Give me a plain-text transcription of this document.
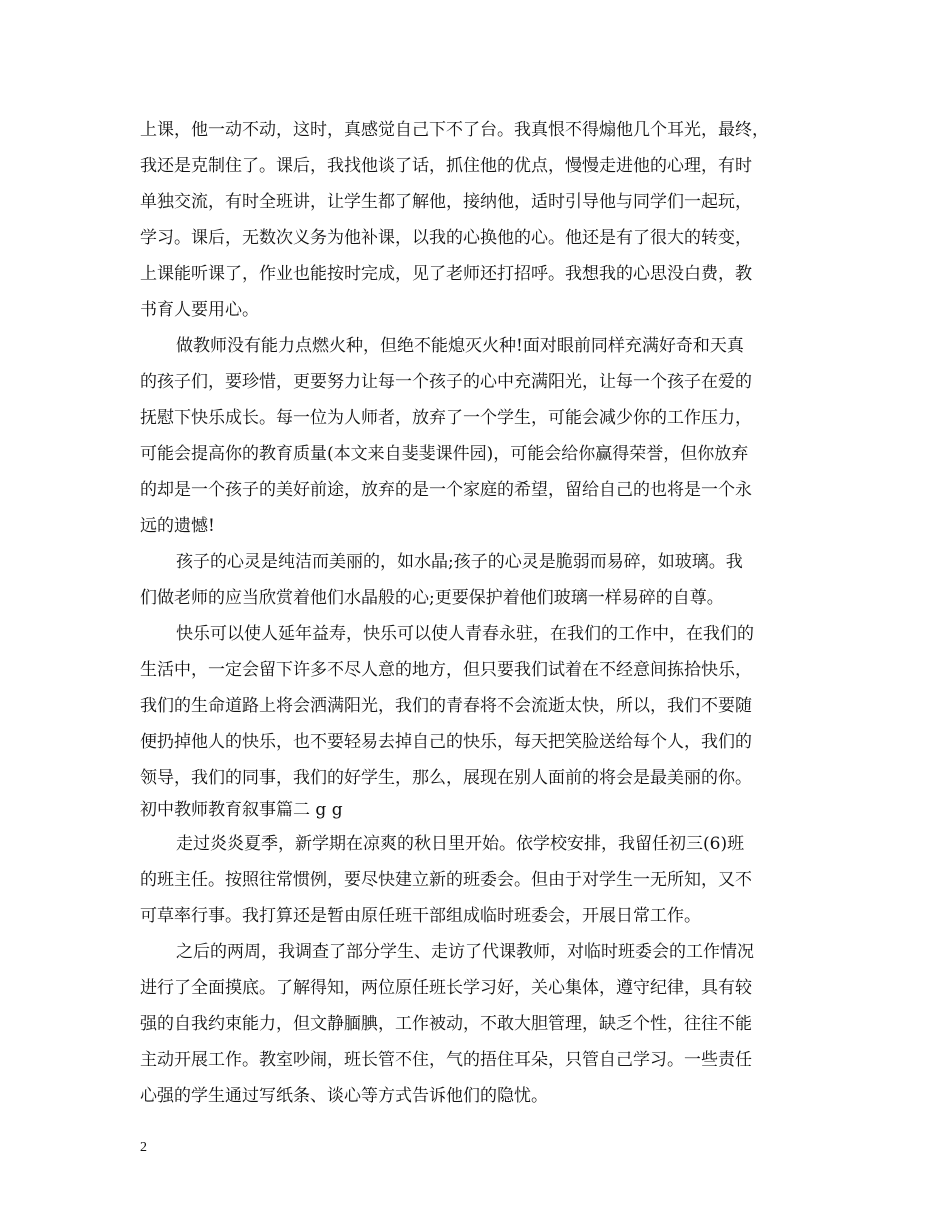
上课，他一动不动，这时，真感觉自己下不了台。我真恨不得煽他几个耳光，最终，
我还是克制住了。课后，我找他谈了话，抓住他的优点，慢慢走进他的心理，有时
单独交流，有时全班讲，让学生都了解他，接纳他，适时引导他与同学们一起玩，
学习。课后，无数次义务为他补课，以我的心换他的心。他还是有了很大的转变，
上课能听课了，作业也能按时完成，见了老师还打招呼。我想我的心思没白费，教
书育人要用心。
做教师没有能力点燃火种，但绝不能熄灭火种!面对眼前同样充满好奇和天真
的孩子们，要珍惜，更要努力让每一个孩子的心中充满阳光，让每一个孩子在爱的
抚慰下快乐成长。每一位为人师者，放弃了一个学生，可能会减少你的工作压力，
可能会提高你的教育质量(本文来自斐斐课件园)，可能会给你赢得荣誉，但你放弃
的却是一个孩子的美好前途，放弃的是一个家庭的希望，留给自己的也将是一个永
远的遗憾!
孩子的心灵是纯洁而美丽的，如水晶;孩子的心灵是脆弱而易碎，如玻璃。我
们做老师的应当欣赏着他们水晶般的心;更要保护着他们玻璃一样易碎的自尊。
快乐可以使人延年益寿，快乐可以使人青春永驻，在我们的工作中，在我们的
生活中，一定会留下许多不尽人意的地方，但只要我们试着在不经意间拣拾快乐，
我们的生命道路上将会洒满阳光，我们的青春将不会流逝太快，所以，我们不要随
便扔掉他人的快乐，也不要轻易去掉自己的快乐，每天把笑脸送给每个人，我们的
领导，我们的同事，我们的好学生，那么，展现在别人面前的将会是最美丽的你。
初中教师教育叙事篇二 g g
走过炎炎夏季，新学期在凉爽的秋日里开始。依学校安排，我留任初三(6)班
的班主任。按照往常惯例，要尽快建立新的班委会。但由于对学生一无所知，又不
可草率行事。我打算还是暂由原任班干部组成临时班委会，开展日常工作。
之后的两周，我调查了部分学生、走访了代课教师，对临时班委会的工作情况
进行了全面摸底。了解得知，两位原任班长学习好，关心集体，遵守纪律，具有较
强的自我约束能力，但文静腼腆，工作被动，不敢大胆管理，缺乏个性，往往不能
主动开展工作。教室吵闹，班长管不住，气的捂住耳朵，只管自己学习。一些责任
心强的学生通过写纸条、谈心等方式告诉他们的隐忧。
2
